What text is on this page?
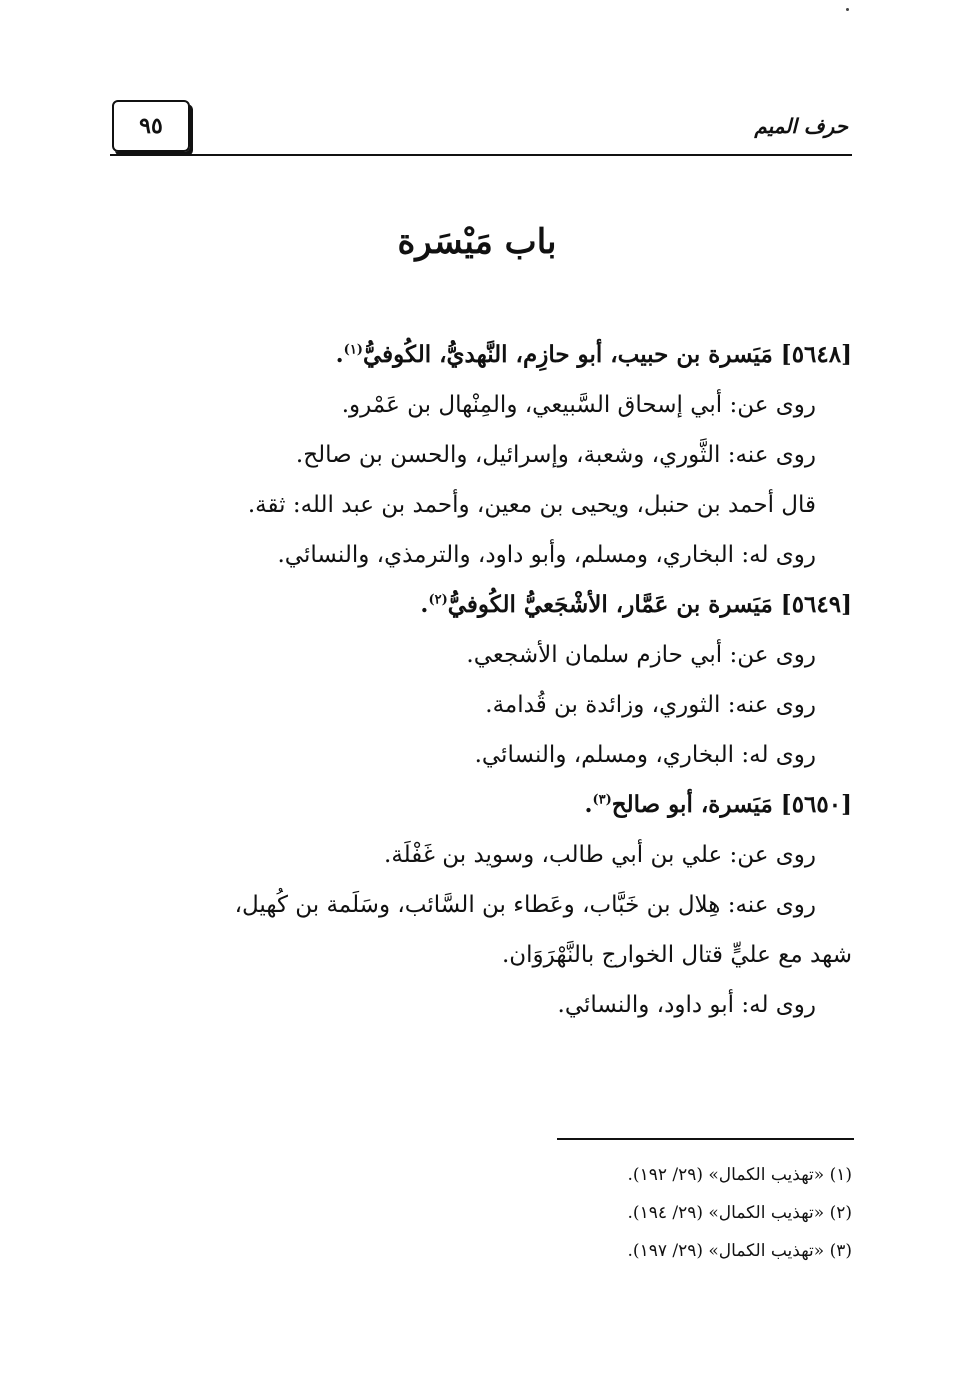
٩٥	حرف الميم
باب مَيْسَرة
[٥٦٤٨] مَيَسرة بن حبيب، أبو حازِم، النَّهديُّ، الكُوفيُّ$^{(١)}$.
روى عن: أبي إسحاق السَّبيعي، والمِنْهال بن عَمْرو.
روى عنه: الثَّوري، وشعبة، وإسرائيل، والحسن بن صالح.
قال أحمد بن حنبل، ويحيى بن معين، وأحمد بن عبد الله: ثقة.
روى له: البخاري، ومسلم، وأبو داود، والترمذي، والنسائي.
[٥٦٤٩] مَيَسرة بن عَمَّار، الأشْجَعيُّ الكُوفيُّ$^{(٢)}$.
روى عن: أبي حازم سلمان الأشجعي.
روى عنه: الثوري، وزائدة بن قُدامة.
روى له: البخاري، ومسلم، والنسائي.
[٥٦٥٠] مَيَسرة، أبو صالح$^{(٣)}$.
روى عن: علي بن أبي طالب، وسويد بن غَفْلَة.
روى عنه: هِلال بن خَبَّاب، وعَطاء بن السَّائب، وسَلَمة بن كُهيل،
شهد مع عليٍّ قتال الخوارج بالنَّهْرَوَان.
روى له: أبو داود، والنسائي.
(١) «تهذيب الكمال» (٢٩/ ١٩٢).
(٢) «تهذيب الكمال» (٢٩/ ١٩٤).
(٣) «تهذيب الكمال» (٢٩/ ١٩٧).
